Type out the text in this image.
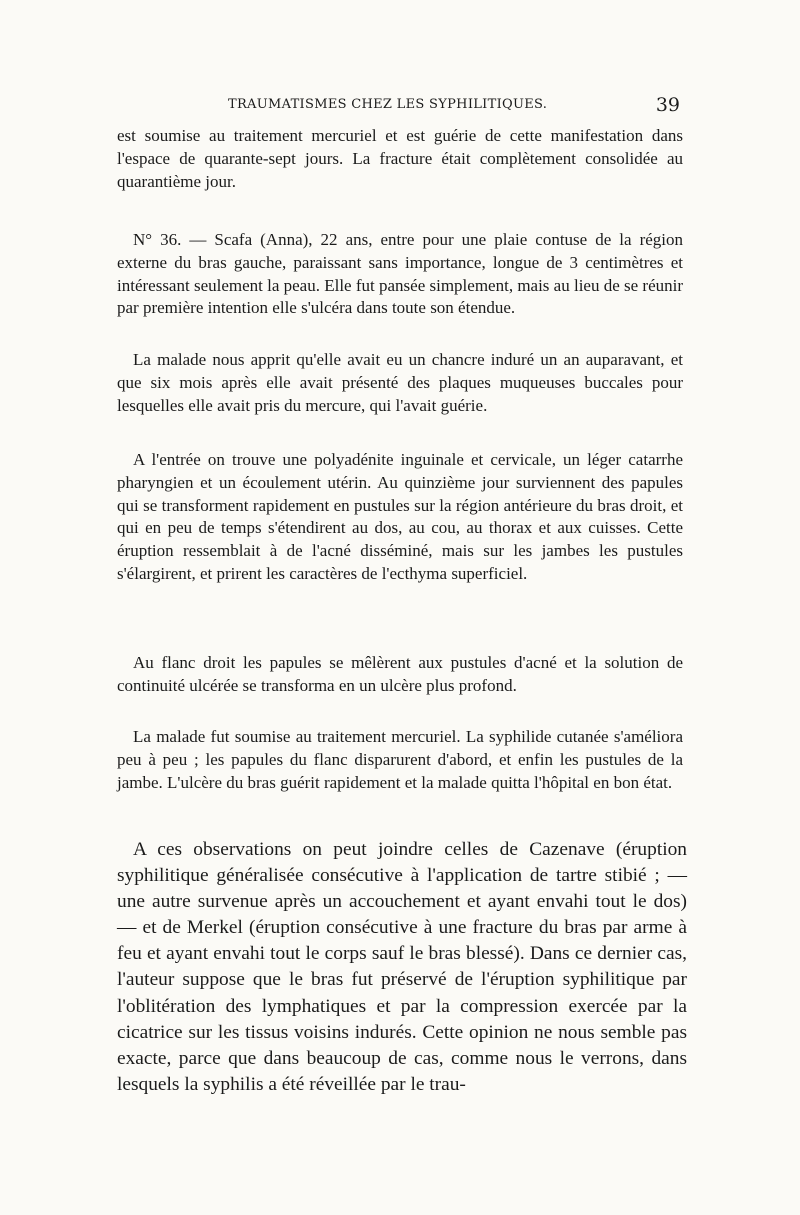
TRAUMATISMES CHEZ LES SYPHILITIQUES.	39

est soumise au traitement mercuriel et est guérie de cette manifestation dans l'espace de quarante-sept jours. La fracture était complètement consolidée au quarantième jour.

N° 36. — Scafa (Anna), 22 ans, entre pour une plaie contuse de la région externe du bras gauche, paraissant sans importance, longue de 3 centimètres et intéressant seulement la peau. Elle fut pansée simplement, mais au lieu de se réunir par première intention elle s'ulcéra dans toute son étendue.

La malade nous apprit qu'elle avait eu un chancre induré un an auparavant, et que six mois après elle avait présenté des plaques muqueuses buccales pour lesquelles elle avait pris du mercure, qui l'avait guérie.

A l'entrée on trouve une polyadénite inguinale et cervicale, un léger catarrhe pharyngien et un écoulement utérin. Au quinzième jour surviennent des papules qui se transforment rapidement en pustules sur la région antérieure du bras droit, et qui en peu de temps s'étendirent au dos, au cou, au thorax et aux cuisses. Cette éruption ressemblait à de l'acné disséminé, mais sur les jambes les pustules s'élargirent, et prirent les caractères de l'ecthyma superficiel.

Au flanc droit les papules se mêlèrent aux pustules d'acné et la solution de continuité ulcérée se transforma en un ulcère plus profond.

La malade fut soumise au traitement mercuriel. La syphilide cutanée s'améliora peu à peu ; les papules du flanc disparurent d'abord, et enfin les pustules de la jambe. L'ulcère du bras guérit rapidement et la malade quitta l'hôpital en bon état.

A ces observations on peut joindre celles de Cazenave (éruption syphilitique généralisée consécutive à l'application de tartre stibié ; — une autre survenue après un accouchement et ayant envahi tout le dos) — et de Merkel (éruption consécutive à une fracture du bras par arme à feu et ayant envahi tout le corps sauf le bras blessé). Dans ce dernier cas, l'auteur suppose que le bras fut préservé de l'éruption syphilitique par l'oblitération des lymphatiques et par la compression exercée par la cicatrice sur les tissus voisins indurés. Cette opinion ne nous semble pas exacte, parce que dans beaucoup de cas, comme nous le verrons, dans lesquels la syphilis a été réveillée par le trau-
